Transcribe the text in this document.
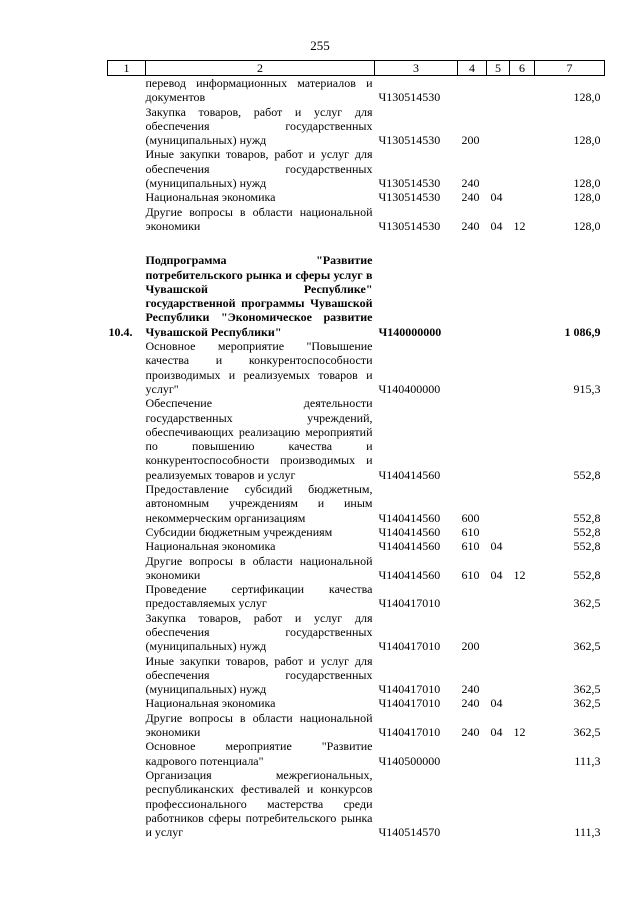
255
1	2	3	4	5	6	7
	перевод информационных материалов и документов	Ч130514530				128,0
	Закупка товаров, работ и услуг для обеспечения государственных (муниципальных) нужд	Ч130514530	200			128,0
	Иные закупки товаров, работ и услуг для обеспечения государственных (муниципальных) нужд	Ч130514530	240			128,0
	Национальная экономика	Ч130514530	240	04		128,0
	Другие вопросы в области национальной экономики	Ч130514530	240	04	12	128,0

10.4.	Подпрограмма "Развитие потребительского рынка и сферы услуг в Чувашской Республике" государственной программы Чувашской Республики "Экономическое развитие Чувашской Республики"	Ч140000000				1 086,9
	Основное мероприятие "Повышение качества и конкурентоспособности производимых и реализуемых товаров и услуг"	Ч140400000				915,3
	Обеспечение деятельности государственных учреждений, обеспечивающих реализацию мероприятий по повышению качества и конкурентоспособности производимых и реализуемых товаров и услуг	Ч140414560				552,8
	Предоставление субсидий бюджетным, автономным учреждениям и иным некоммерческим организациям	Ч140414560	600			552,8
	Субсидии бюджетным учреждениям	Ч140414560	610			552,8
	Национальная экономика	Ч140414560	610	04		552,8
	Другие вопросы в области национальной экономики	Ч140414560	610	04	12	552,8
	Проведение сертификации качества предоставляемых услуг	Ч140417010				362,5
	Закупка товаров, работ и услуг для обеспечения государственных (муниципальных) нужд	Ч140417010	200			362,5
	Иные закупки товаров, работ и услуг для обеспечения государственных (муниципальных) нужд	Ч140417010	240			362,5
	Национальная экономика	Ч140417010	240	04		362,5
	Другие вопросы в области национальной экономики	Ч140417010	240	04	12	362,5
	Основное мероприятие "Развитие кадрового потенциала"	Ч140500000				111,3
	Организация межрегиональных, республиканских фестивалей и конкурсов профессионального мастерства среди работников сферы потребительского рынка и услуг	Ч140514570				111,3
